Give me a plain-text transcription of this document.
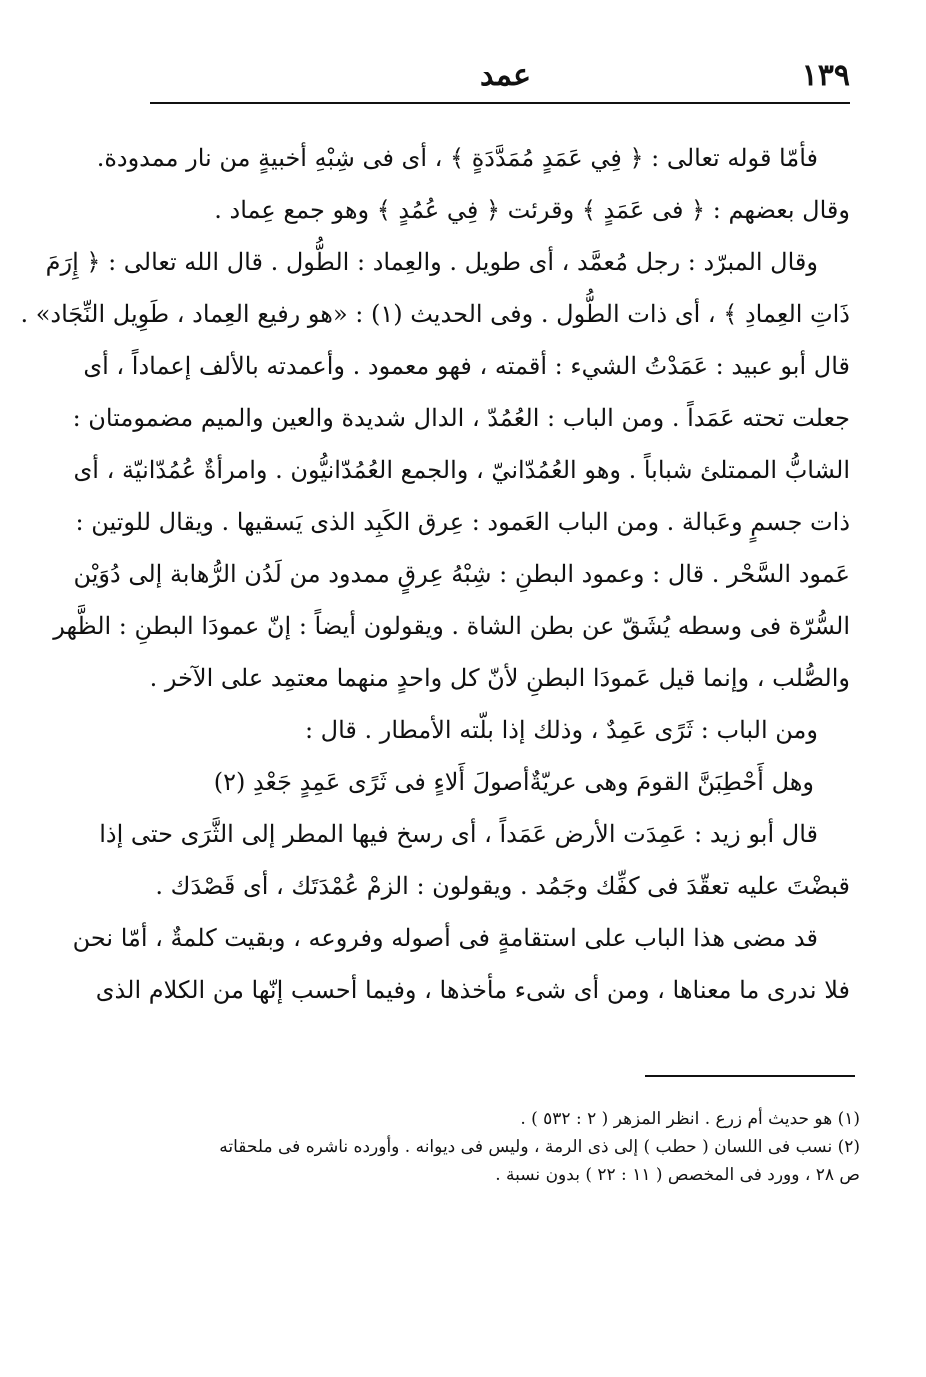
١٣٩
عمد
فأمّا قوله تعالى : ﴿ فِي عَمَدٍ مُمَدَّدَةٍ ﴾ ، أى فى شِبْهِ أخبيةٍ من نار ممدودة.
وقال بعضهم : ﴿ فى عَمَدٍ ﴾ وقرئت ﴿ فِي عُمُدٍ ﴾ وهو جمع عِماد .
وقال المبرّد : رجل مُعمَّد ، أى طويل . والعِماد : الطُّول . قال الله تعالى : ﴿ إِرَمَ
ذَاتِ العِمادِ ﴾ ، أى ذات الطُّول . وفى الحديث (١) : «هو رفيع العِماد ، طَوِيل النِّجَاد» .
قال أبو عبيد : عَمَدْتُ الشيء : أقمته ، فهو معمود . وأعمدته بالألف إعماداً ، أى
جعلت تحته عَمَداً . ومن الباب : العُمُدّ ، الدال شديدة والعين والميم مضمومتان :
الشابُّ الممتلئ شباباً . وهو العُمُدّانيّ ، والجمع العُمُدّانيُّون . وامرأةٌ عُمُدّانيّة ، أى
ذات جسمٍ وعَبالة . ومن الباب العَمود : عِرق الكَبِد الذى يَسقيها . ويقال للوتين :
عَمود السَّحْر . قال : وعمود البطنِ : شِبْهُ عِرقٍ ممدود من لَدُن الرُّهابة إلى دُوَيْن
السُّرّة فى وسطه يُشَقّ عن بطن الشاة . ويقولون أيضاً : إنّ عمودَا البطنِ : الظَّهر
والصُّلب ، وإنما قيل عَمودَا البطنِ لأنّ كل واحدٍ منهما معتمِد على الآخر .
ومن الباب : ثَرًى عَمِدٌ ، وذلك إذا بلّته الأمطار . قال :
وهل أَحْطِبَنَّ القومَ وهى عريّةٌ
أصولَ أَلاءٍ فى ثَرًى عَمِدٍ جَعْدِ (٢)
قال أبو زيد : عَمِدَت الأرض عَمَداً ، أى رسخ فيها المطر إلى الثَّرَى حتى إذا
قبضْتَ عليه تعقّدَ فى كفِّك وجَمُد . ويقولون : الزمْ عُمْدَتَك ، أى قَصْدَك .
قد مضى هذا الباب على استقامةٍ فى أصوله وفروعه ، وبقيت كلمةٌ ، أمّا نحن
فلا ندرى ما معناها ، ومن أى شىء مأخذها ، وفيما أحسب إنّها من الكلام الذى
(١) هو حديث أم زرع . انظر المزهر ( ٢ : ٥٣٢ ) .
(٢) نسب فى اللسان ( حطب ) إلى ذى الرمة ، وليس فى ديوانه . وأورده ناشره فى ملحقاته
ص ٢٨ ، وورد فى المخصص ( ١١ : ٢٢ ) بدون نسبة .
